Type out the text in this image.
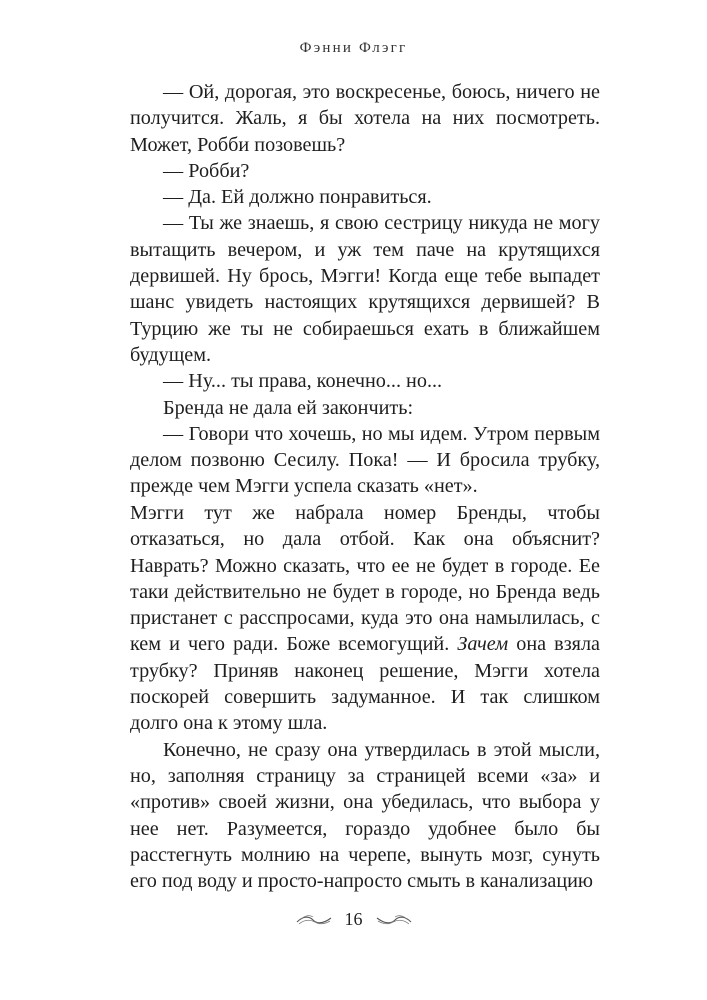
Фэнни Флэгг

— Ой, дорогая, это воскресенье, боюсь, ничего не получится. Жаль, я бы хотела на них посмотреть. Может, Робби позовешь?

— Робби?

— Да. Ей должно понравиться.

— Ты же знаешь, я свою сестрицу никуда не могу вытащить вечером, и уж тем паче на крутящихся дервишей. Ну брось, Мэгги! Когда еще тебе выпадет шанс увидеть настоящих крутящихся дервишей? В Турцию же ты не собираешься ехать в ближайшем будущем.

— Ну... ты права, конечно... но...

Бренда не дала ей закончить:

— Говори что хочешь, но мы идем. Утром первым делом позвоню Сесилу. Пока! — И бросила трубку, прежде чем Мэгги успела сказать «нет».

Мэгги тут же набрала номер Бренды, чтобы отказаться, но дала отбой. Как она объяснит? Наврать? Можно сказать, что ее не будет в городе. Ее таки действительно не будет в городе, но Бренда ведь пристанет с расспросами, куда это она намылилась, с кем и чего ради. Боже всемогущий. Зачем она взяла трубку? Приняв наконец решение, Мэгги хотела поскорей совершить задуманное. И так слишком долго она к этому шла.

Конечно, не сразу она утвердилась в этой мысли, но, заполняя страницу за страницей всеми «за» и «против» своей жизни, она убедилась, что выбора у нее нет. Разумеется, гораздо удобнее было бы расстегнуть молнию на черепе, вынуть мозг, сунуть его под воду и просто-напросто смыть в канализацию

16
